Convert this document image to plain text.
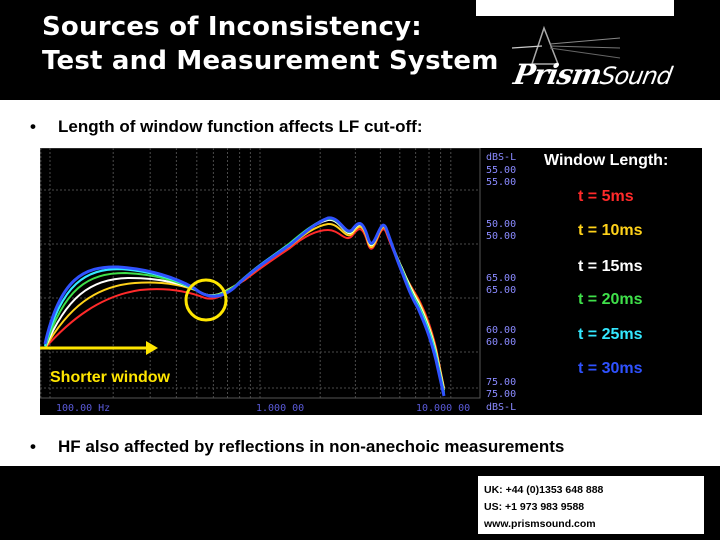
Sources of Inconsistency:
Test and Measurement System PrismSound
• Length of window function affects LF cut-off:
dBS-L
55.00
55.00
50.00
50.00
65.00
65.00
60.00
60.00
75.00
75.00
dBS-L
100.00 Hz	1.000 00	10.000 00
Shorter window
Window Length:
t = 5ms
t = 10ms
t = 15ms
t = 20ms
t = 25ms
t = 30ms
• HF also affected by reflections in non-anechoic measurements
UK: +44 (0)1353 648 888
US: +1 973 983 9588
www.prismsound.com
